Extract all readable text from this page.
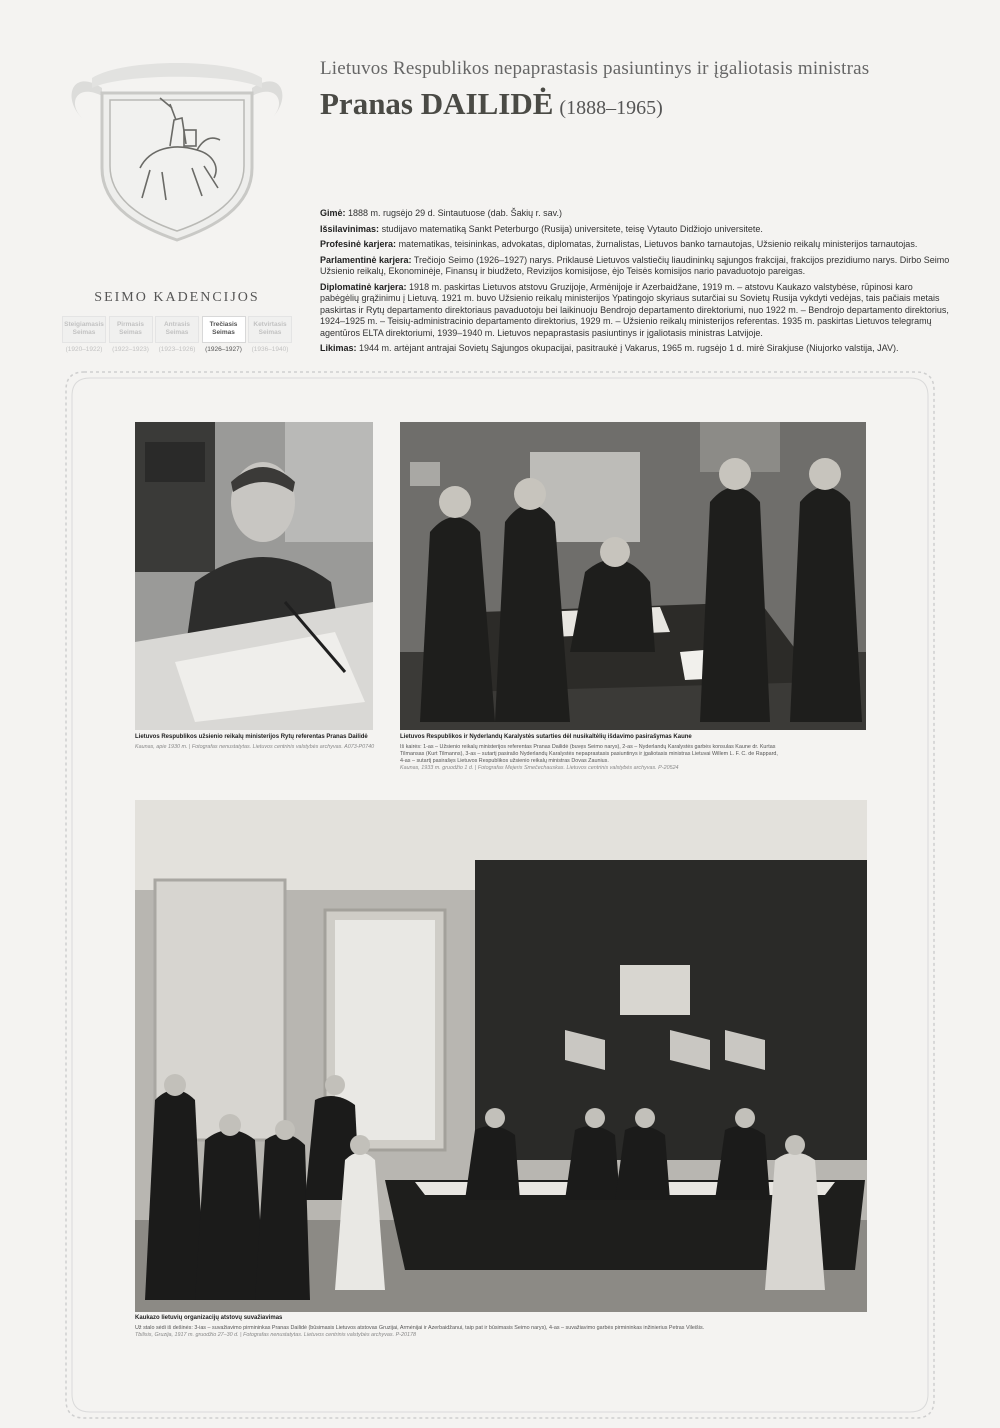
Lietuvos Respublikos nepaprastasis pasiuntinys ir įgaliotasis ministras
Pranas DAILIDĖ (1888–1965)

Gimė: 1888 m. rugsėjo 29 d. Sintautuose (dab. Šakių r. sav.)

Išsilavinimas: studijavo matematiką Sankt Peterburgo (Rusija) universitete, teisę Vytauto Didžiojo universitete.

Profesinė karjera: matematikas, teisininkas, advokatas, diplomatas, žurnalistas, Lietuvos banko tarnautojas, Užsienio reikalų ministerijos tarnautojas.

Parlamentinė karjera: Trečiojo Seimo (1926–1927) narys. Priklausė Lietuvos valstiečių liaudininkų sąjungos frakcijai, frakcijos prezidiumo narys. Dirbo Seimo Užsienio reikalų, Ekonominėje, Finansų ir biudžeto, Revizijos komisijose, ėjo Teisės komisijos nario pavaduotojo pareigas.

Diplomatinė karjera: 1918 m. paskirtas Lietuvos atstovu Gruzijoje, Armėnijoje ir Azerbaidžane, 1919 m. – atstovu Kaukazo valstybėse, rūpinosi karo pabėgėlių grąžinimu į Lietuvą. 1921 m. buvo Užsienio reikalų ministerijos Ypatingojo skyriaus sutarčiai su Sovietų Rusija vykdyti vedėjas, tais pačiais metais paskirtas ir Rytų departamento direktoriaus pavaduotoju bei laikinuoju Bendrojo departamento direktoriumi, nuo 1922 m. – Bendrojo departamento direktorius, 1924–1925 m. – Teisių-administracinio departamento direktorius, 1929 m. – Užsienio reikalų ministerijos referentas. 1935 m. paskirtas Lietuvos telegramų agentūros ELTA direktoriumi, 1939–1940 m. Lietuvos nepaprastasis pasiuntinys ir įgaliotasis ministras Latvijoje.

Likimas: 1944 m. artėjant antrajai Sovietų Sąjungos okupacijai, pasitraukė į Vakarus, 1965 m. rugsėjo 1 d. mirė Sirakjuse (Niujorko valstija, JAV).

SEIMO KADENCIJOS
Steigiamasis
Seimas
(1920–1922)
Pirmasis
Seimas
(1922–1923)
Antrasis
Seimas
(1923–1926)
Trečiasis
Seimas
(1926–1927)
Ketvirtasis
Seimas
(1936–1940)
Lietuvos Respublikos užsienio reikalų ministerijos Rytų referentas Pranas Dailidė
Kaunas, apie 1930 m. | Fotografas nenustatytas. Lietuvos centrinis valstybės archyvas. A073-P0740
Lietuvos Respublikos ir Nyderlandų Karalystės sutarties dėl nusikaltėlių išdavimo pasirašymas Kaune
Iš kairės: 1-as – Užsienio reikalų ministerijos referentas Pranas Dailidė (buvęs Seimo narys), 2-as – Nyderlandų Karalystės garbės konsulas Kaune dr. Kurtas Tilmansas (Kurt Tilmanns), 3-as – sutartį pasirašo Nyderlandų Karalystės nepaprastasis pasiuntinys ir įgaliotasis ministras Lietuvai Willem L. F. C. de Rappard, 4-as – sutartį pasirašęs Lietuvos Respublikos užsienio reikalų ministras Dovas Zaunius.
Kaunas, 1933 m. gruodžio 1 d. | Fotografas Mejeris Smečechauskas. Lietuvos centrinis valstybės archyvas. P-20524
Kaukazo lietuvių organizacijų atstovų suvažiavimas
Už stalo sėdi iš dešinės: 3-ias – suvažiavimo pirmininkas Pranas Dailidė (būsimasis Lietuvos atstovas Gruzijai, Armėnijai ir Azerbaidžanui, taip pat ir būsimasis Seimo narys), 4-as – suvažiavimo garbės pirmininkas inžinierius Petras Vileišis.
Tbilisis, Gruzija, 1917 m. gruodžio 27–30 d. | Fotografas nenustatytas. Lietuvos centrinis valstybės archyvas. P-20178
